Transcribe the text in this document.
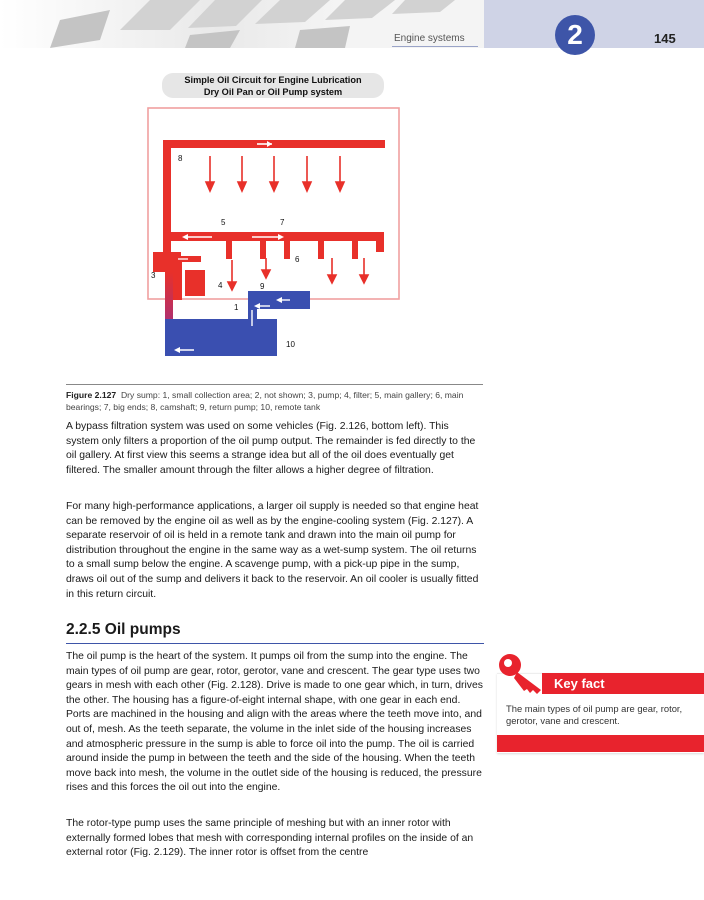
Engine systems	2	145
Simple Oil Circuit for Engine Lubrication
Dry Oil Pan or Oil Pump system
1
3
4
5
6
7
8
9
10
Figure 2.127 Dry sump: 1, small collection area; 2, not shown; 3, pump; 4, filter; 5, main gallery; 6, main bearings; 7, big ends; 8, camshaft; 9, return pump; 10, remote tank

A bypass filtration system was used on some vehicles (Fig. 2.126, bottom left). This system only filters a proportion of the oil pump output. The remainder is fed directly to the oil gallery. At first view this seems a strange idea but all of the oil does eventually get filtered. The smaller amount through the filter allows a higher degree of filtration.

For many high-performance applications, a larger oil supply is needed so that engine heat can be removed by the engine oil as well as by the engine-cooling system (Fig. 2.127). A separate reservoir of oil is held in a remote tank and drawn into the main oil pump for distribution throughout the engine in the same way as a wet-sump system. The oil returns to a small sump below the engine. A scavenge pump, with a pick-up pipe in the sump, draws oil out of the sump and delivers it back to the reservoir. An oil cooler is usually fitted in this return circuit.

2.2.5 Oil pumps

The oil pump is the heart of the system. It pumps oil from the sump into the engine. The main types of oil pump are gear, rotor, gerotor, vane and crescent. The gear type uses two gears in mesh with each other (Fig. 2.128). Drive is made to one gear which, in turn, drives the other. The housing has a figure-of-eight internal shape, with one gear in each end. Ports are machined in the housing and align with the areas where the teeth move into, and out of, mesh. As the teeth separate, the volume in the inlet side of the housing increases and atmospheric pressure in the sump is able to force oil into the pump. The oil is carried around inside the pump in between the teeth and the side of the housing. When the teeth move back into mesh, the volume in the outlet side of the housing is reduced, the pressure rises and this forces the oil out into the engine.

The rotor-type pump uses the same principle of meshing but with an inner rotor with externally formed lobes that mesh with corresponding internal profiles on the inside of an external rotor (Fig. 2.129). The inner rotor is offset from the centre

Key fact
The main types of oil pump are gear, rotor, gerotor, vane and crescent.
